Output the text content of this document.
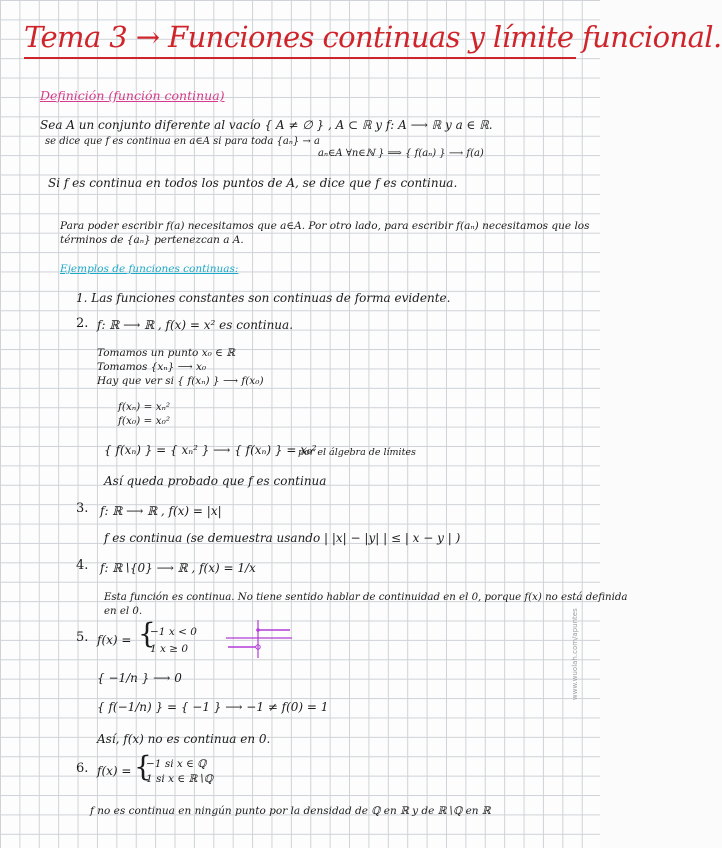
Tema 3 → Funciones continuas y límite funcional.
Definición (función continua)
Sea A un conjunto diferente al vacío { A ≠ ∅ } , A ⊂ ℝ y f: A ⟶ ℝ y a ∈ ℝ.
se dice que f es continua en a∈A si para toda {aₙ} → a
aₙ∈A ∀n∈ℕ } ⟹ { f(aₙ) } ⟶ f(a)
Si f es continua en todos los puntos de A, se dice que f es continua.
Para poder escribir f(a) necesitamos que a∈A. Por otro lado, para escribir f(aₙ) necesitamos que los
términos de {aₙ} pertenezcan a A.
Ejemplos de funciones continuas:
1. Las funciones constantes son continuas de forma evidente.
2. f: ℝ ⟶ ℝ , f(x) = x² es continua.
Tomamos un punto x₀ ∈ ℝ
Tomamos {xₙ} ⟶ x₀
Hay que ver si { f(xₙ) } ⟶ f(x₀)
f(xₙ) = xₙ²
f(x₀) = x₀²
{ f(xₙ) } = { xₙ² } ⟶ { f(xₙ) } = x₀²
por el álgebra de límites
Así queda probado que f es continua
3. f: ℝ ⟶ ℝ , f(x) = |x|
f es continua (se demuestra usando | |x| − |y| | ≤ | x − y | )
4. f: ℝ∖{0} ⟶ ℝ , f(x) = 1/x
Esta función es continua. No tiene sentido hablar de continuidad en el 0, porque f(x) no está definida
en el 0.
5. f(x) = {
−1 x < 0
1 x ≥ 0
{ −1/n } ⟶ 0
{ f(−1/n) } = { −1 } ⟶ −1 ≠ f(0) = 1
Así, f(x) no es continua en 0.
6. f(x) = {
−1 si x ∈ ℚ
1 si x ∈ ℝ∖ℚ
f no es continua en ningún punto por la densidad de ℚ en ℝ y de ℝ∖ℚ en ℝ
www.wuolah.com/apuntes
